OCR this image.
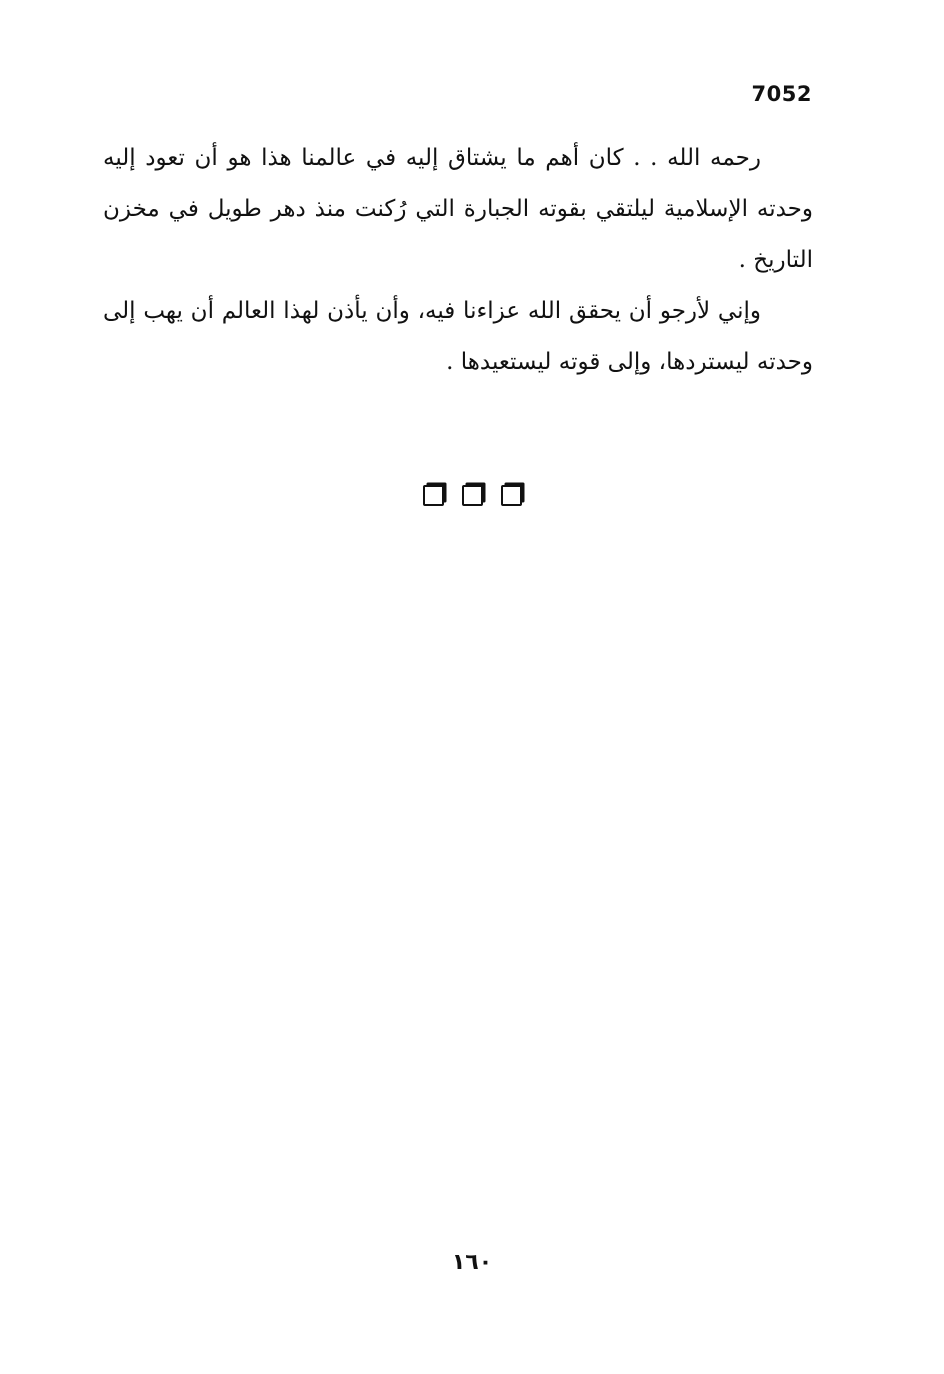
7052

رحمه الله . . كان أهم ما يشتاق إليه في عالمنا هذا هو أن تعود إليه وحدته الإسلامية ليلتقي بقوته الجبارة التي رُكنت منذ دهر طويل في مخزن التاريخ .

وإني لأرجو أن يحقق الله عزاءنا فيه، وأن يأذن لهذا العالم أن يهب إلى وحدته ليستردها، وإلى قوته ليستعيدها .

١٦٠
